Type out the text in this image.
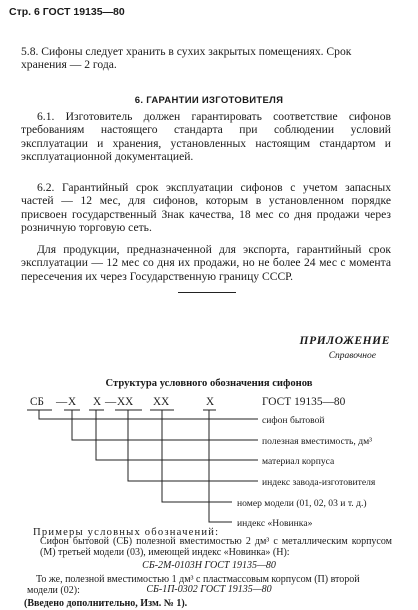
Стр. 6 ГОСТ 19135—80

5.8. Сифоны следует хранить в сухих закрытых помещениях. Срок хранения — 2 года.

6. ГАРАНТИИ ИЗГОТОВИТЕЛЯ

6.1. Изготовитель должен гарантировать соответствие сифонов требованиям настоящего стандарта при соблюдении условий эксплуатации и хранения, установленных настоящим стандартом и эксплуатационной документацией.

6.2. Гарантийный срок эксплуатации сифонов с учетом запасных частей — 12 мес, для сифонов, которым в установленном порядке присвоен государственный Знак качества, 18 мес со дня продажи через розничную торговую сеть.

Для продукции, предназначенной для экспорта, гарантийный срок эксплуатации — 12 мес со дня их продажи, но не более 24 мес с момента пересечения их через Государственную границу СССР.

ПРИЛОЖЕНИЕ
Справочное
Структура условного обозначения сифонов
СБ — Х Х — ХХ ХХ	Х	ГОСТ 19135—80
сифон бытовой
полезная вместимость, дм³
материал корпуса
индекс завода-изготовителя
номер модели (01, 02, 03 и т. д.)
индекс «Новинка»
Примеры условных обозначений:

Сифон бытовой (СБ) полезной вместимостью 2 дм³ с металлическим корпусом (М) третьей модели (03), имеющей индекс «Новинка» (Н):

СБ-2М-0103Н ГОСТ 19135—80

То же, полезной вместимостью 1 дм³ с пластмассовым корпусом (П) второй модели (02):	СБ-1П-0302 ГОСТ 19135—80
(Введено дополнительно, Изм. № 1).
